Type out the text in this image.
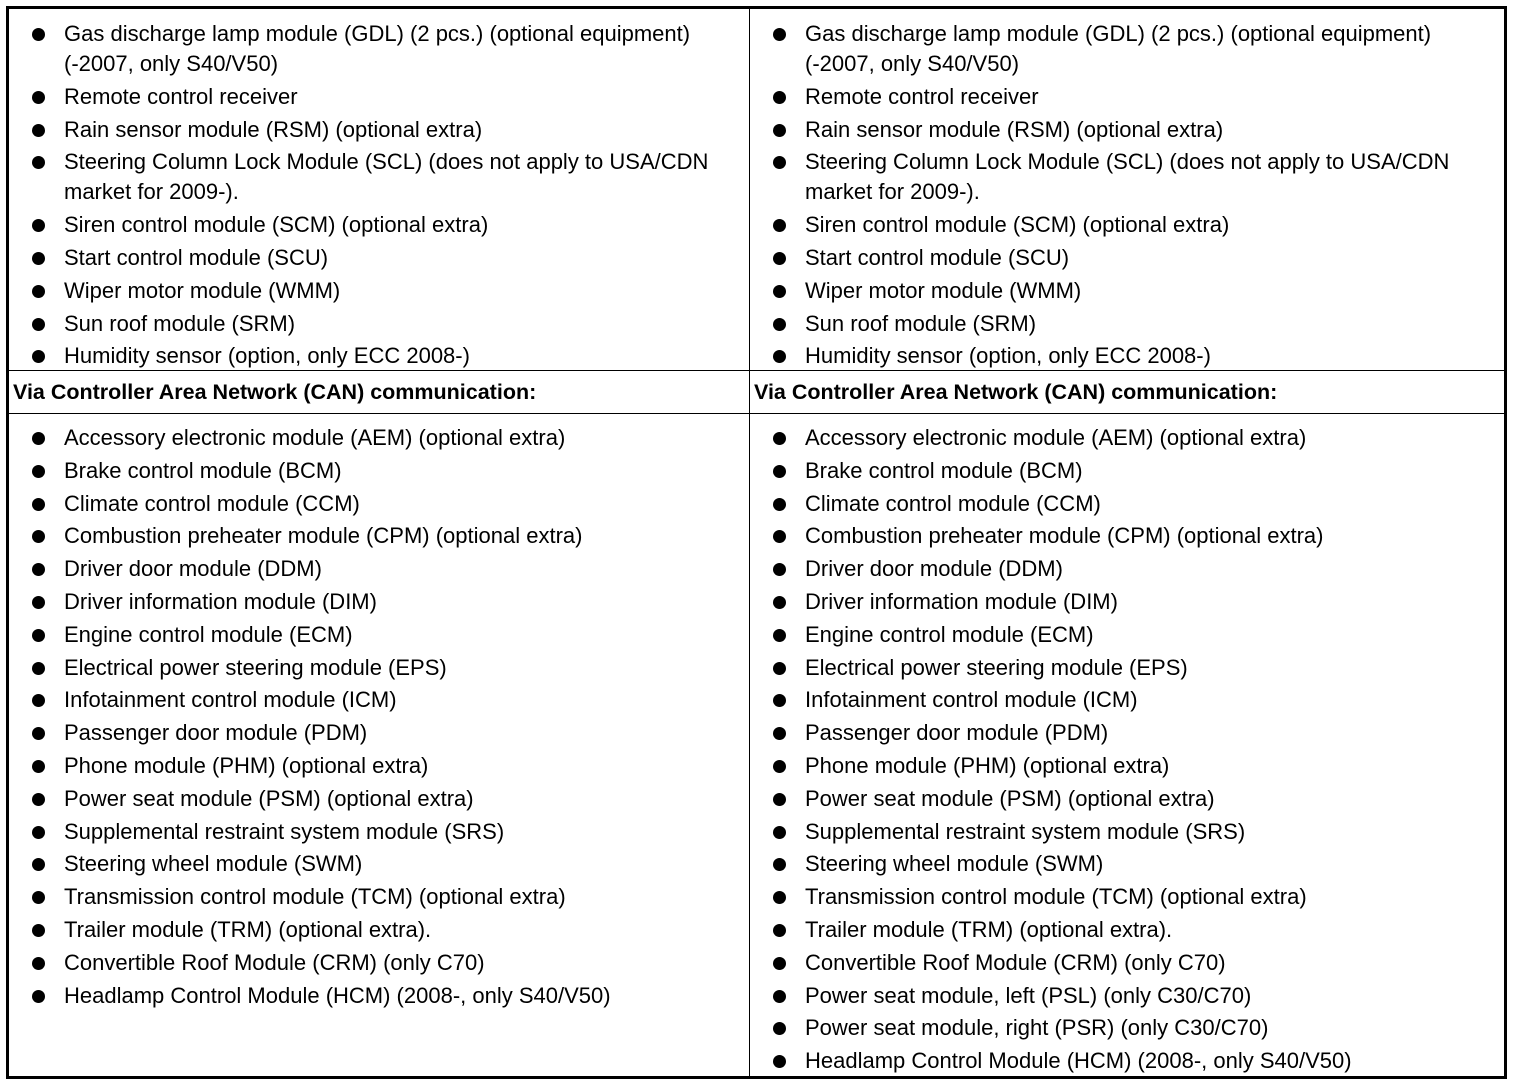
Gas discharge lamp module (GDL) (2 pcs.) (optional equipment) (-2007, only S40/V50)
Remote control receiver
Rain sensor module (RSM) (optional extra)
Steering Column Lock Module (SCL) (does not apply to USA/CDN market for 2009-).
Siren control module (SCM) (optional extra)
Start control module (SCU)
Wiper motor module (WMM)
Sun roof module (SRM)
Humidity sensor (option, only ECC 2008-)
Gas discharge lamp module (GDL) (2 pcs.) (optional equipment) (-2007, only S40/V50)
Remote control receiver
Rain sensor module (RSM) (optional extra)
Steering Column Lock Module (SCL) (does not apply to USA/CDN market for 2009-).
Siren control module (SCM) (optional extra)
Start control module (SCU)
Wiper motor module (WMM)
Sun roof module (SRM)
Humidity sensor (option, only ECC 2008-)
Via Controller Area Network (CAN) communication:	Via Controller Area Network (CAN) communication:
Accessory electronic module (AEM) (optional extra)
Brake control module (BCM)
Climate control module (CCM)
Combustion preheater module (CPM) (optional extra)
Driver door module (DDM)
Driver information module (DIM)
Engine control module (ECM)
Electrical power steering module (EPS)
Infotainment control module (ICM)
Passenger door module (PDM)
Phone module (PHM) (optional extra)
Power seat module (PSM) (optional extra)
Supplemental restraint system module (SRS)
Steering wheel module (SWM)
Transmission control module (TCM) (optional extra)
Trailer module (TRM) (optional extra).
Convertible Roof Module (CRM) (only C70)
Headlamp Control Module (HCM) (2008-, only S40/V50)
Accessory electronic module (AEM) (optional extra)
Brake control module (BCM)
Climate control module (CCM)
Combustion preheater module (CPM) (optional extra)
Driver door module (DDM)
Driver information module (DIM)
Engine control module (ECM)
Electrical power steering module (EPS)
Infotainment control module (ICM)
Passenger door module (PDM)
Phone module (PHM) (optional extra)
Power seat module (PSM) (optional extra)
Supplemental restraint system module (SRS)
Steering wheel module (SWM)
Transmission control module (TCM) (optional extra)
Trailer module (TRM) (optional extra).
Convertible Roof Module (CRM) (only C70)
Power seat module, left (PSL) (only C30/C70)
Power seat module, right (PSR) (only C30/C70)
Headlamp Control Module (HCM) (2008-, only S40/V50)
